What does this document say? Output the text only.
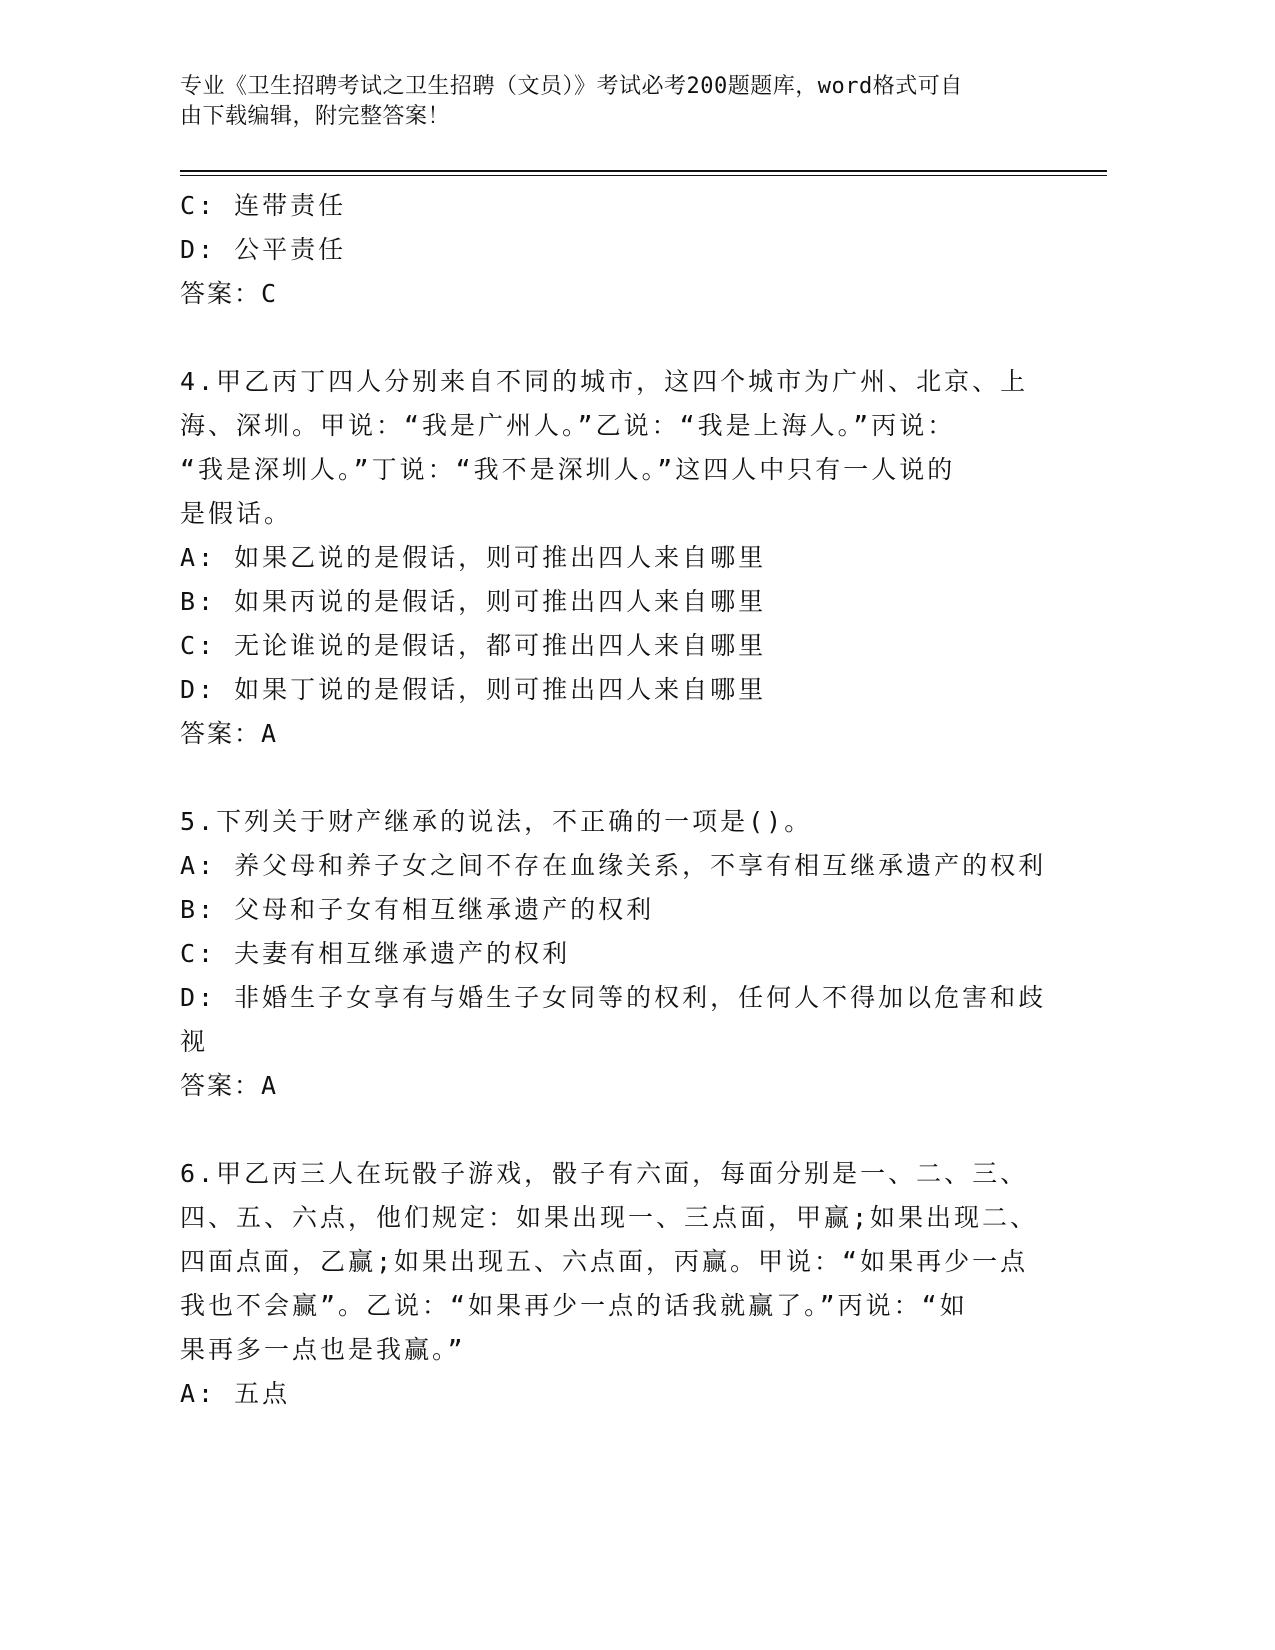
专业《卫生招聘考试之卫生招聘（文员）》考试必考200题题库，word格式可自
由下载编辑，附完整答案！
C: 连带责任
D: 公平责任
答案：C
4.甲乙丙丁四人分别来自不同的城市，这四个城市为广州、北京、上
海、深圳。甲说：“我是广州人。”乙说：“我是上海人。”丙说：
“我是深圳人。”丁说：“我不是深圳人。”这四人中只有一人说的
是假话。
A: 如果乙说的是假话，则可推出四人来自哪里
B: 如果丙说的是假话，则可推出四人来自哪里
C: 无论谁说的是假话，都可推出四人来自哪里
D: 如果丁说的是假话，则可推出四人来自哪里
答案：A
5.下列关于财产继承的说法，不正确的一项是()。
A: 养父母和养子女之间不存在血缘关系，不享有相互继承遗产的权利
B: 父母和子女有相互继承遗产的权利
C: 夫妻有相互继承遗产的权利
D: 非婚生子女享有与婚生子女同等的权利，任何人不得加以危害和歧
视
答案：A
6.甲乙丙三人在玩骰子游戏，骰子有六面，每面分别是一、二、三、
四、五、六点，他们规定：如果出现一、三点面，甲赢;如果出现二、
四面点面，乙赢;如果出现五、六点面，丙赢。甲说：“如果再少一点
我也不会赢”。乙说：“如果再少一点的话我就赢了。”丙说：“如
果再多一点也是我赢。”
A: 五点
